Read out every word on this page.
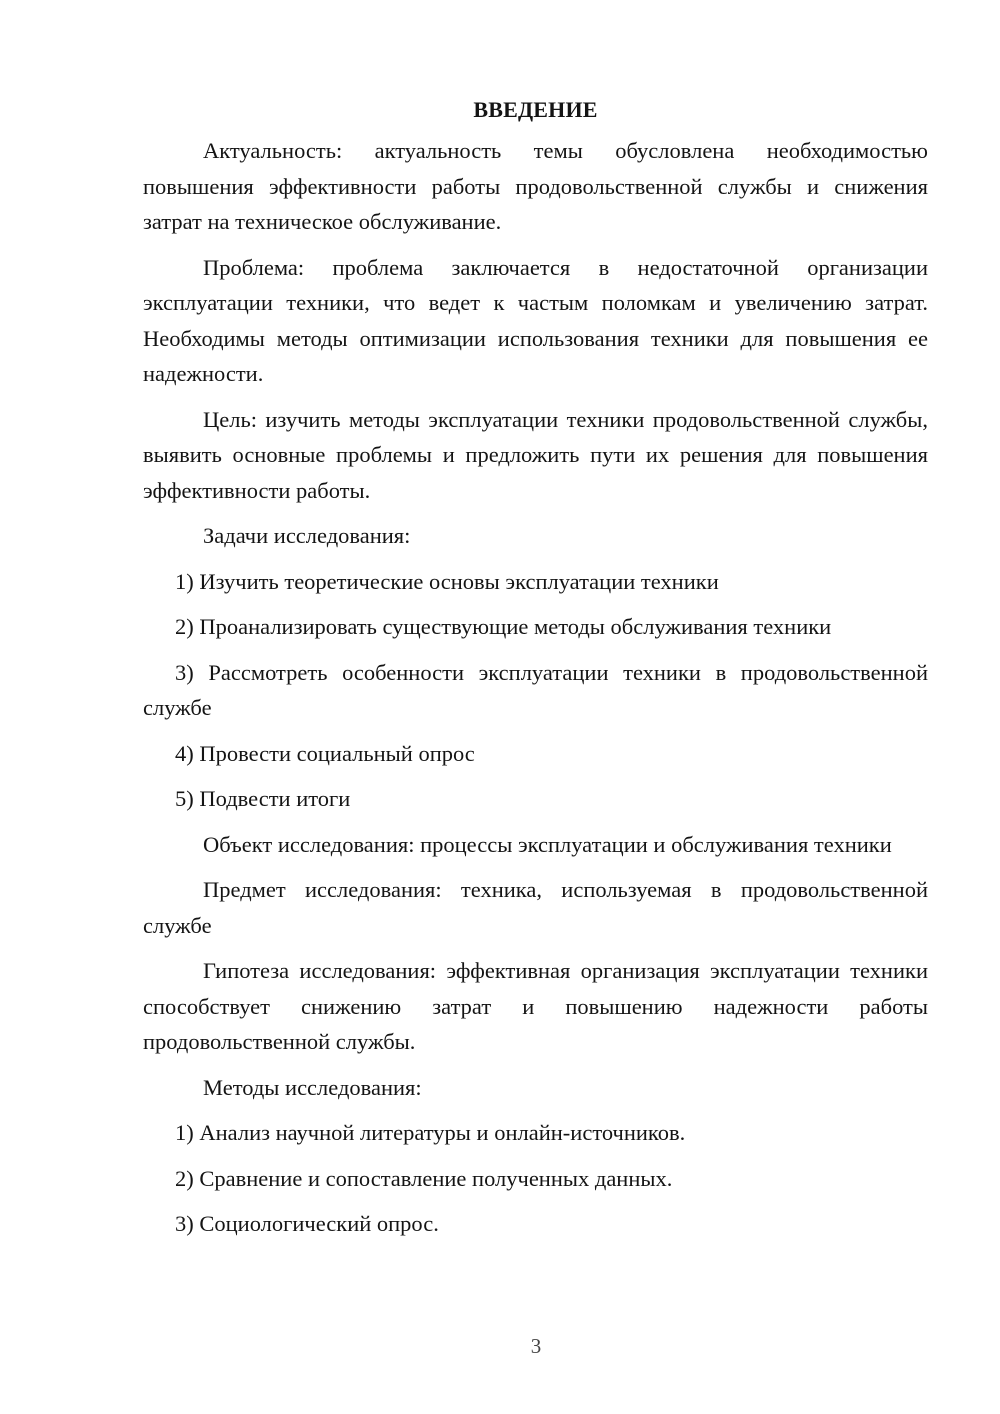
ВВЕДЕНИЕ

Актуальность: актуальность темы обусловлена необходимостью повышения эффективности работы продовольственной службы и снижения затрат на техническое обслуживание.

Проблема: проблема заключается в недостаточной организации эксплуатации техники, что ведет к частым поломкам и увеличению затрат. Необходимы методы оптимизации использования техники для повышения ее надежности.

Цель: изучить методы эксплуатации техники продовольственной службы, выявить основные проблемы и предложить пути их решения для повышения эффективности работы.

Задачи исследования:

1) Изучить теоретические основы эксплуатации техники

2) Проанализировать существующие методы обслуживания техники

3) Рассмотреть особенности эксплуатации техники в продовольственной службе

4) Провести социальный опрос

5) Подвести итоги

Объект исследования: процессы эксплуатации и обслуживания техники

Предмет исследования: техника, используемая в продовольственной службе

Гипотеза исследования: эффективная организация эксплуатации техники способствует снижению затрат и повышению надежности работы продовольственной службы.

Методы исследования:

1) Анализ научной литературы и онлайн-источников.

2) Сравнение и сопоставление полученных данных.

3) Социологический опрос.

3
